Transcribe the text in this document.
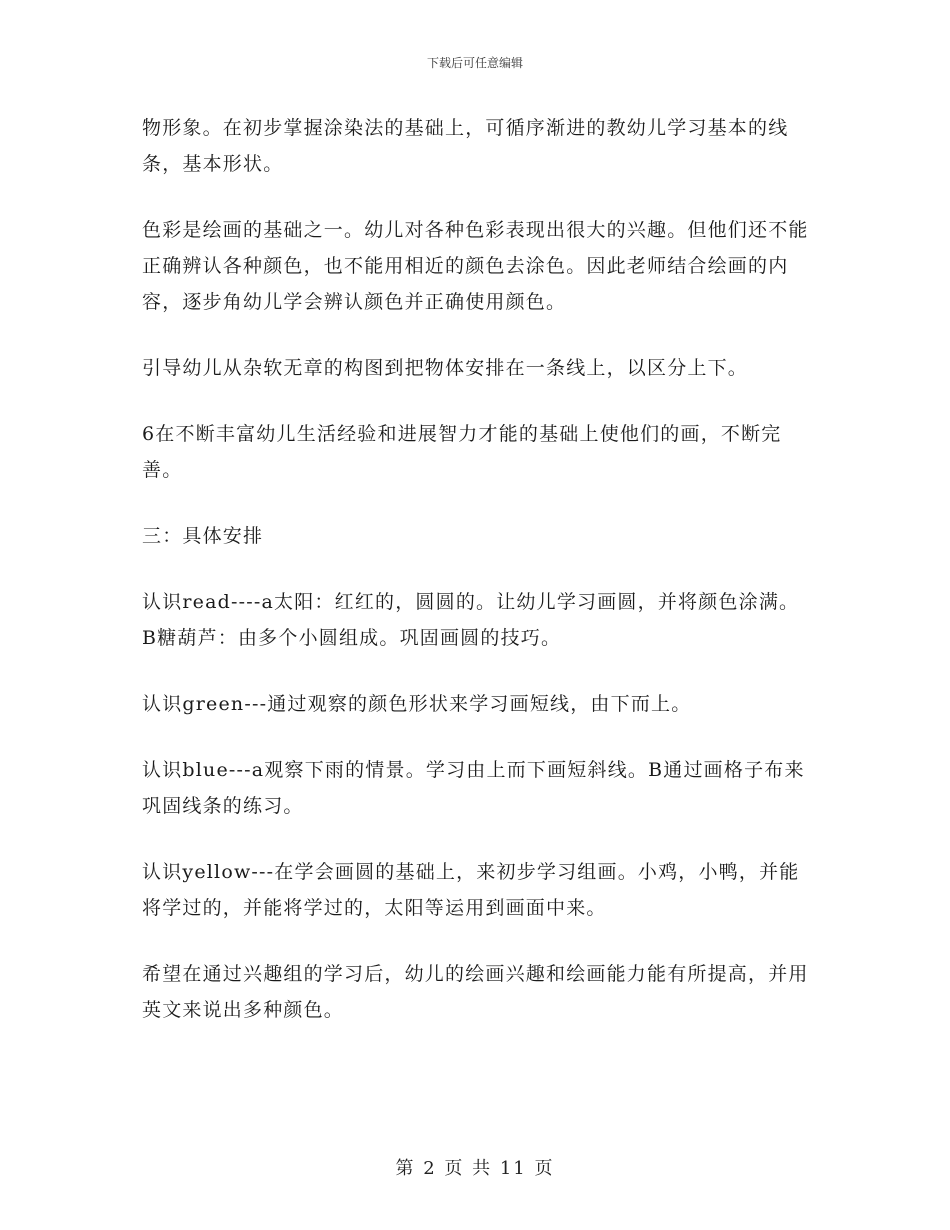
下载后可任意编辑

物形象。在初步掌握涂染法的基础上，可循序渐进的教幼儿学习基本的线条，基本形状。

色彩是绘画的基础之一。幼儿对各种色彩表现出很大的兴趣。但他们还不能正确辨认各种颜色，也不能用相近的颜色去涂色。因此老师结合绘画的内容，逐步角幼儿学会辨认颜色并正确使用颜色。

引导幼儿从杂软无章的构图到把物体安排在一条线上，以区分上下。

6在不断丰富幼儿生活经验和进展智力才能的基础上使他们的画，不断完善。

三：具体安排

认识read----a太阳：红红的，圆圆的。让幼儿学习画圆，并将颜色涂满。B糖葫芦：由多个小圆组成。巩固画圆的技巧。

认识green---通过观察的颜色形状来学习画短线，由下而上。

认识blue---a观察下雨的情景。学习由上而下画短斜线。B通过画格子布来巩固线条的练习。

认识yellow---在学会画圆的基础上，来初步学习组画。小鸡，小鸭，并能将学过的，并能将学过的，太阳等运用到画面中来。

希望在通过兴趣组的学习后，幼儿的绘画兴趣和绘画能力能有所提高，并用英文来说出多种颜色。

第 2 页 共 11 页
